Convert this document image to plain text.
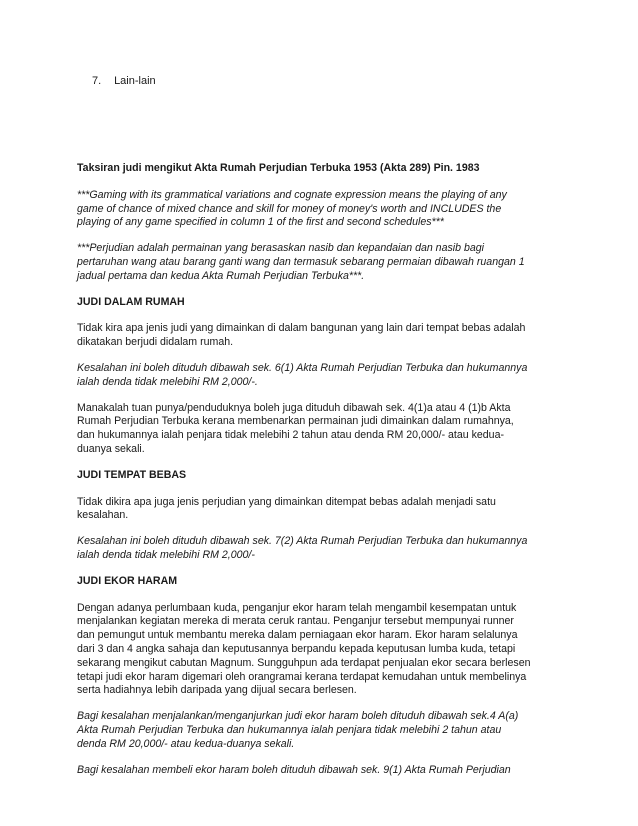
7. Lain-lain

Taksiran judi mengikut Akta Rumah Perjudian Terbuka 1953 (Akta 289) Pin. 1983

***Gaming with its grammatical variations and cognate expression means the playing of any

game of chance of mixed chance and skill for money of money's worth and INCLUDES the

playing of any game specified in column 1 of the first and second schedules***

***Perjudian adalah permainan yang berasaskan nasib dan kepandaian dan nasib bagi

pertaruhan wang atau barang ganti wang dan termasuk sebarang permaian dibawah ruangan 1

jadual pertama dan kedua Akta Rumah Perjudian Terbuka***.

JUDI DALAM RUMAH

Tidak kira apa jenis judi yang dimainkan di dalam bangunan yang lain dari tempat bebas adalah

dikatakan berjudi didalam rumah.

Kesalahan ini boleh dituduh dibawah sek. 6(1) Akta Rumah Perjudian Terbuka dan hukumannya

ialah denda tidak melebihi RM 2,000/-.

Manakalah tuan punya/penduduknya boleh juga dituduh dibawah sek. 4(1)a atau 4 (1)b Akta

Rumah Perjudian Terbuka kerana membenarkan permainan judi dimainkan dalam rumahnya,

dan hukumannya ialah penjara tidak melebihi 2 tahun atau denda RM 20,000/- atau kedua-

duanya sekali.

JUDI TEMPAT BEBAS

Tidak dikira apa juga jenis perjudian yang dimainkan ditempat bebas adalah menjadi satu

kesalahan.

Kesalahan ini boleh dituduh dibawah sek. 7(2) Akta Rumah Perjudian Terbuka dan hukumannya

ialah denda tidak melebihi RM 2,000/-

JUDI EKOR HARAM

Dengan adanya perlumbaan kuda, penganjur ekor haram telah mengambil kesempatan untuk

menjalankan kegiatan mereka di merata ceruk rantau. Penganjur tersebut mempunyai runner

dan pemungut untuk membantu mereka dalam perniagaan ekor haram. Ekor haram selalunya

dari 3 dan 4 angka sahaja dan keputusannya berpandu kepada keputusan lumba kuda, tetapi

sekarang mengikut cabutan Magnum. Sungguhpun ada terdapat penjualan ekor secara berlesen

tetapi judi ekor haram digemari oleh orangramai kerana terdapat kemudahan untuk membelinya

serta hadiahnya lebih daripada yang dijual secara berlesen.

Bagi kesalahan menjalankan/menganjurkan judi ekor haram boleh dituduh dibawah sek.4 A(a)

Akta Rumah Perjudian Terbuka dan hukumannya ialah penjara tidak melebihi 2 tahun atau

denda RM 20,000/- atau kedua-duanya sekali.

Bagi kesalahan membeli ekor haram boleh dituduh dibawah sek. 9(1) Akta Rumah Perjudian
